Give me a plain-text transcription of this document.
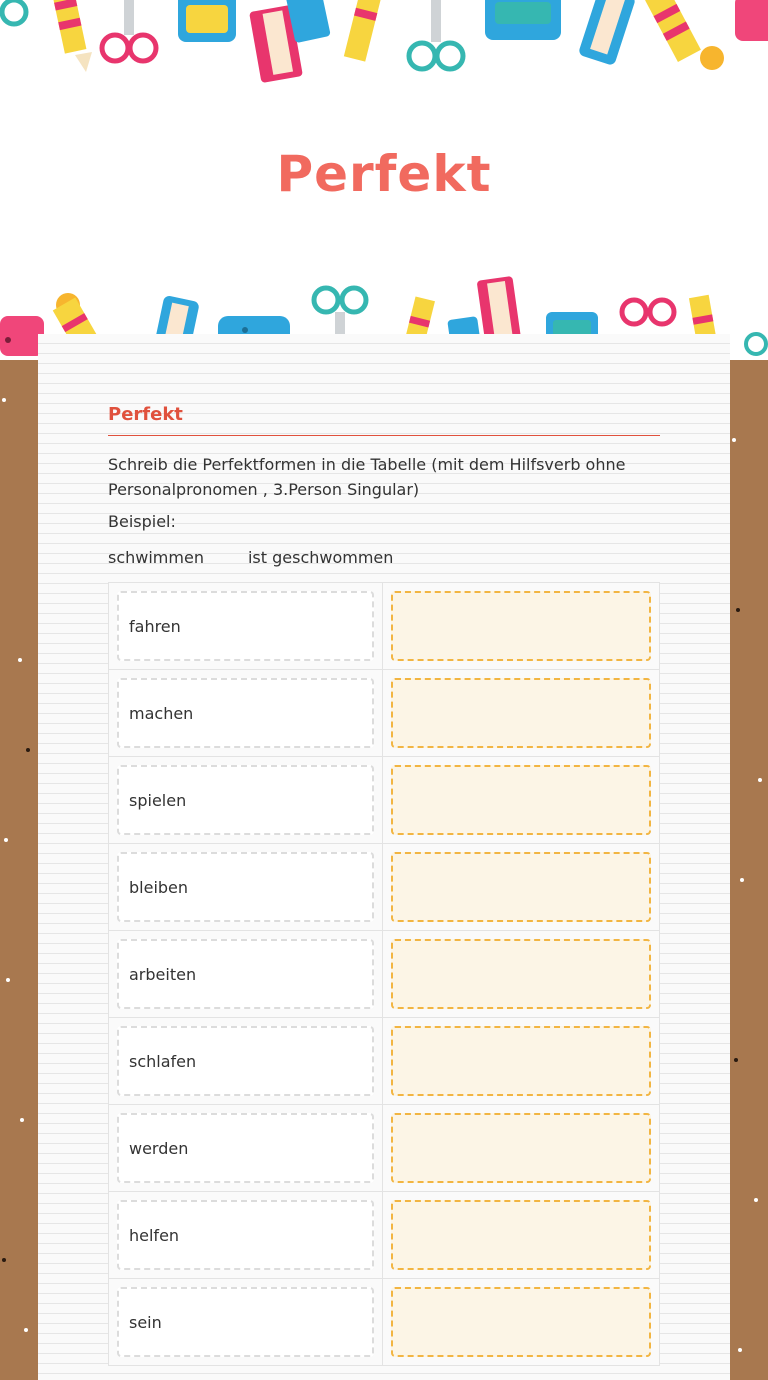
Perfekt
Perfekt
Schreib die Perfektformen in die Tabelle (mit dem Hilfsverb ohne Personalpronomen , 3.Person Singular)
Beispiel:
schwimmen	ist geschwommen
fahren
machen
spielen
bleiben
arbeiten
schlafen
werden
helfen
sein
